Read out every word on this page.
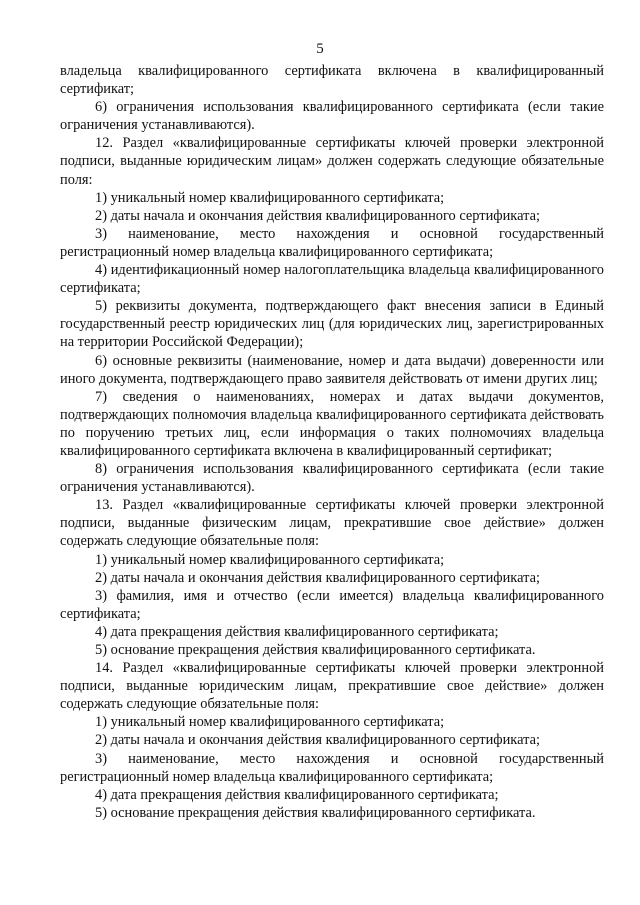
5

владельца квалифицированного сертификата включена в квалифицированный сертификат;

6) ограничения использования квалифицированного сертификата (если такие ограничения устанавливаются).

12. Раздел «квалифицированные сертификаты ключей проверки электронной подписи, выданные юридическим лицам» должен содержать следующие обязательные поля:

1) уникальный номер квалифицированного сертификата;

2) даты начала и окончания действия квалифицированного сертификата;

3) наименование, место нахождения и основной государственный регистрационный номер владельца квалифицированного сертификата;

4) идентификационный номер налогоплательщика владельца квалифицированного сертификата;

5) реквизиты документа, подтверждающего факт внесения записи в Единый государственный реестр юридических лиц (для юридических лиц, зарегистрированных на территории Российской Федерации);

6) основные реквизиты (наименование, номер и дата выдачи) доверенности или иного документа, подтверждающего право заявителя действовать от имени других лиц;

7) сведения о наименованиях, номерах и датах выдачи документов, подтверждающих полномочия владельца квалифицированного сертификата действовать по поручению третьих лиц, если информация о таких полномочиях владельца квалифицированного сертификата включена в квалифицированный сертификат;

8) ограничения использования квалифицированного сертификата (если такие ограничения устанавливаются).

13. Раздел «квалифицированные сертификаты ключей проверки электронной подписи, выданные физическим лицам, прекратившие свое действие» должен содержать следующие обязательные поля:

1) уникальный номер квалифицированного сертификата;

2) даты начала и окончания действия квалифицированного сертификата;

3) фамилия, имя и отчество (если имеется) владельца квалифицированного сертификата;

4) дата прекращения действия квалифицированного сертификата;

5) основание прекращения действия квалифицированного сертификата.

14. Раздел «квалифицированные сертификаты ключей проверки электронной подписи, выданные юридическим лицам, прекратившие свое действие» должен содержать следующие обязательные поля:

1) уникальный номер квалифицированного сертификата;

2) даты начала и окончания действия квалифицированного сертификата;

3) наименование, место нахождения и основной государственный регистрационный номер владельца квалифицированного сертификата;

4) дата прекращения действия квалифицированного сертификата;

5) основание прекращения действия квалифицированного сертификата.
